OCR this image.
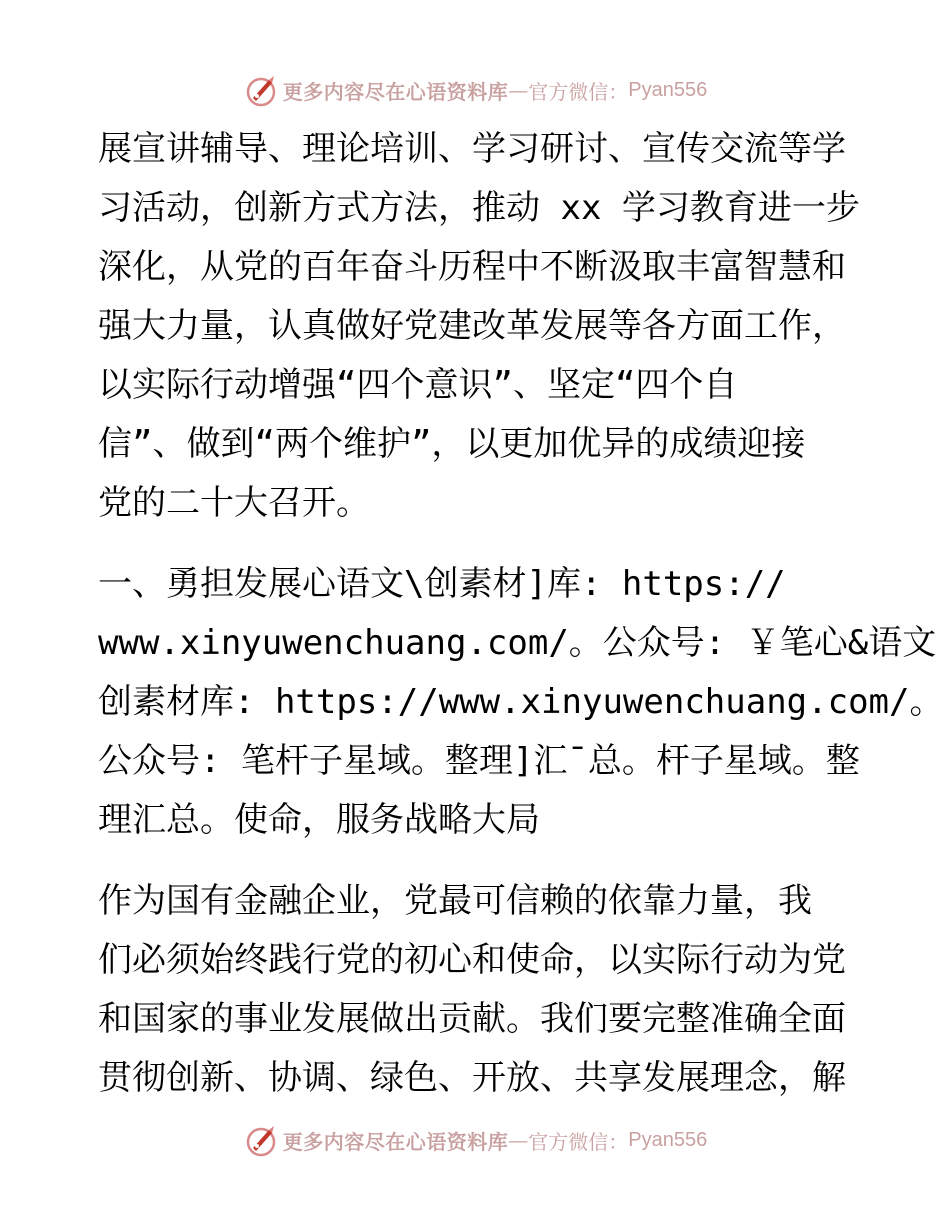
更多内容尽在心语资料库 — 官方微信： Pyan556
展宣讲辅导、理论培训、学习研讨、宣传交流等学
习活动，创新方式方法，推动 xx 学习教育进一步
深化，从党的百年奋斗历程中不断汲取丰富智慧和
强大力量，认真做好党建改革发展等各方面工作，
以实际行动增强“四个意识”、坚定“四个自
信”、做到“两个维护”，以更加优异的成绩迎接
党的二十大召开。
一、勇担发展心语文\创素材]库: https://
www.xinyuwenchuang.com/。公众号: ￥笔心&语文
创素材库: https://www.xinyuwenchuang.com/。
公众号: 笔杆子星域。整理]汇¯总。杆子星域。整
理汇总。使命，服务战略大局
作为国有金融企业，党最可信赖的依靠力量，我
们必须始终践行党的初心和使命，以实际行动为党
和国家的事业发展做出贡献。我们要完整准确全面
贯彻创新、协调、绿色、开放、共享发展理念，解
更多内容尽在心语资料库 — 官方微信： Pyan556
